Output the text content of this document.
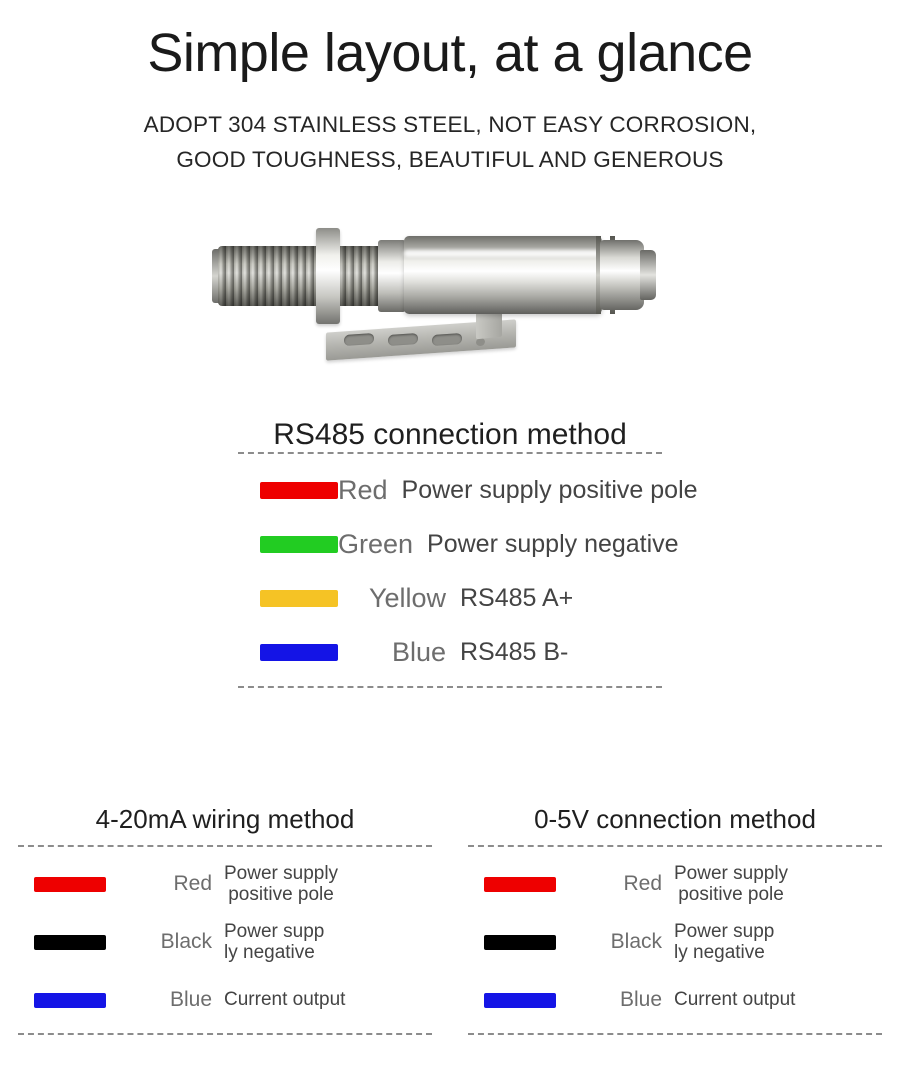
Simple layout, at a glance
ADOPT 304 STAINLESS STEEL, NOT EASY CORROSION,
GOOD TOUGHNESS, BEAUTIFUL AND GENEROUS
RS485 connection method
Red Power supply positive pole
Green Power supply negative
Yellow RS485 A+
Blue RS485 B-
4-20mA wiring method
Red Power supply
positive pole
Black Power supp
ly negative
Blue Current output
0-5V connection method
Red Power supply
positive pole
Black Power supp
ly negative
Blue Current output
